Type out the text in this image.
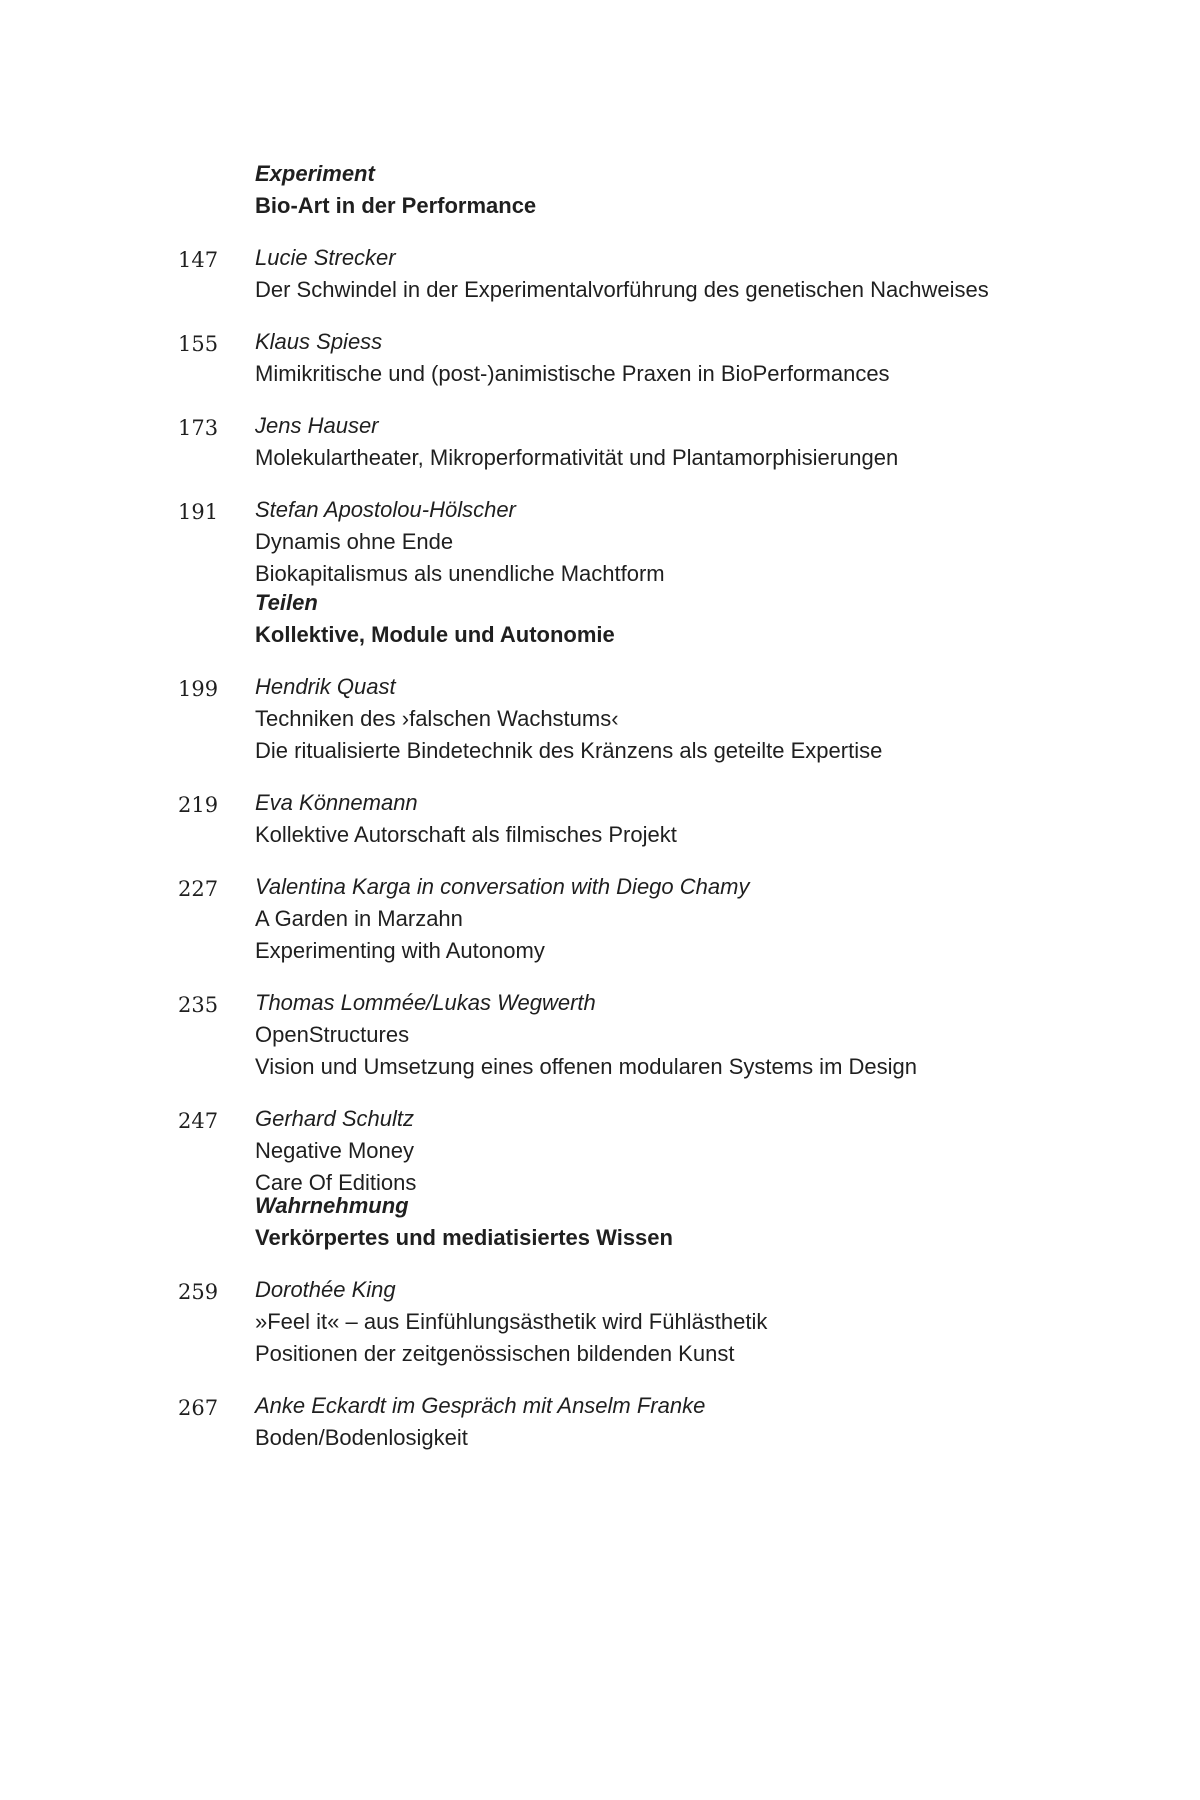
Experiment
Bio-Art in der Performance
147 Lucie Strecker
Der Schwindel in der Experimentalvorführung des genetischen Nachweises
155 Klaus Spiess
Mimikritische und (post-)animistische Praxen in BioPerformances
173 Jens Hauser
Molekulartheater, Mikroperformativität und Plantamorphisierungen
191 Stefan Apostolou-Hölscher
Dynamis ohne Ende
Biokapitalismus als unendliche Machtform
Teilen
Kollektive, Module und Autonomie
199 Hendrik Quast
Techniken des ›falschen Wachstums‹
Die ritualisierte Bindetechnik des Kränzens als geteilte Expertise
219 Eva Könnemann
Kollektive Autorschaft als filmisches Projekt
227 Valentina Karga in conversation with Diego Chamy
A Garden in Marzahn
Experimenting with Autonomy
235 Thomas Lommée/Lukas Wegwerth
OpenStructures
Vision und Umsetzung eines offenen modularen Systems im Design
247 Gerhard Schultz
Negative Money
Care Of Editions
Wahrnehmung
Verkörpertes und mediatisiertes Wissen
259 Dorothée King
»Feel it« – aus Einfühlungsästhetik wird Fühlästhetik
Positionen der zeitgenössischen bildenden Kunst
267 Anke Eckardt im Gespräch mit Anselm Franke
Boden/Bodenlosigkeit
